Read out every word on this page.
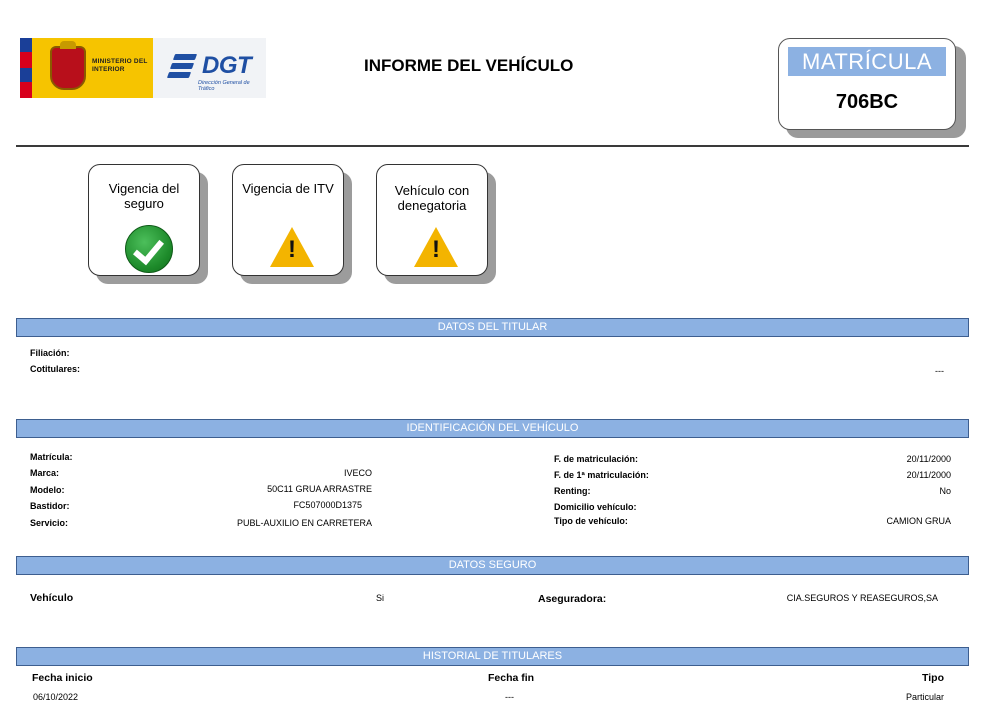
MINISTERIO DEL INTERIOR	DGT
Dirección General de Tráfico
INFORME DEL VEHÍCULO	MATRÍCULA
706BC
Vigencia del seguro
Vigencia de ITV
!
Vehículo con denegatoria
!
DATOS DEL TITULAR
Filiación:
Cotitulares:	---
IDENTIFICACIÓN DEL VEHÍCULO
Matrícula:
Marca:	IVECO
Modelo:	50C11 GRUA ARRASTRE
Bastidor:	FC507000D1375
Servicio:	PUBL-AUXILIO EN CARRETERA
F. de matriculación:	20/11/2000
F. de 1ª matriculación:	20/11/2000
Renting:	No
Domicilio vehículo:
Tipo de vehículo:	CAMION GRUA
DATOS SEGURO
Vehículo	Si	Aseguradora:	CIA.SEGUROS Y REASEGUROS,SA
HISTORIAL DE TITULARES
Fecha inicio	Fecha fin	Tipo
06/10/2022	---	Particular
